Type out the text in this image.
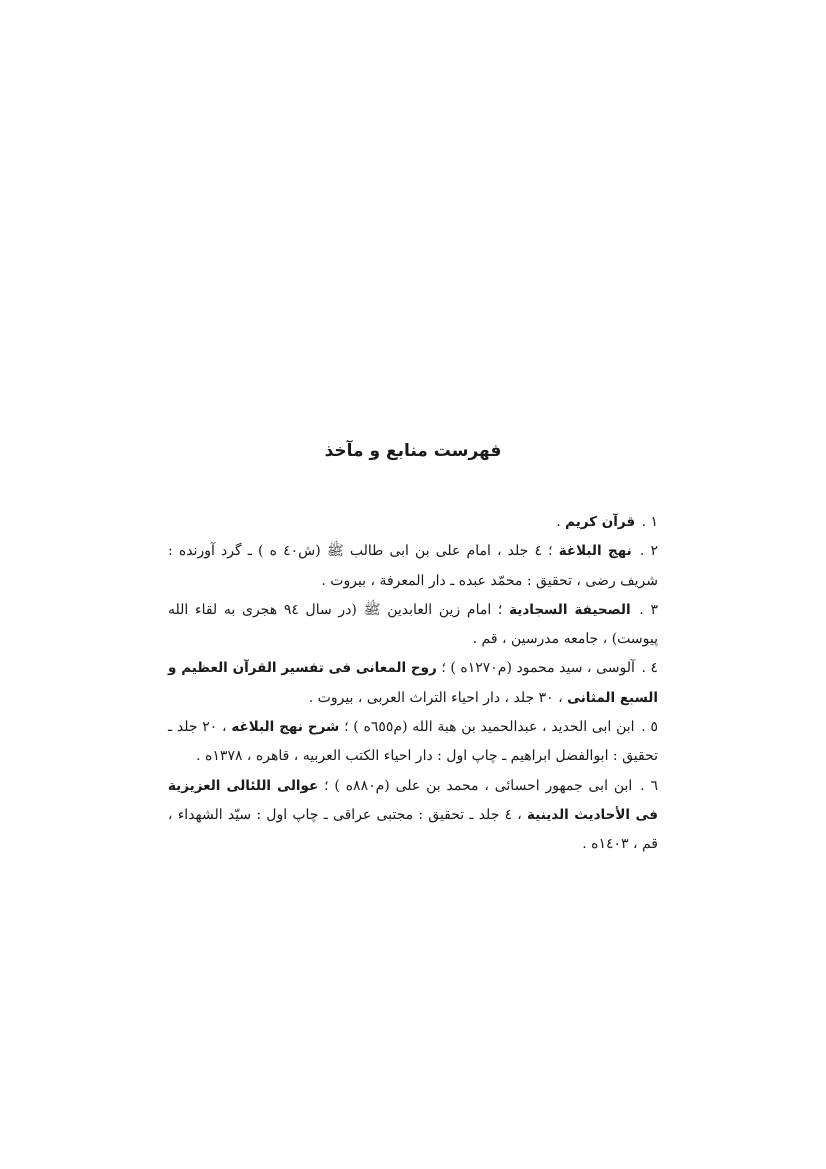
فهرست منابع و مآخذ
١ . قرآن کریم .
٢ . نهج البلاغة ؛ ٤ جلد ، امام علی بن ابی طالب ﷺ (ش٤٠ ه ) ـ گرد آورنده : شریف رضی ، تحقیق : محمّد عبده ـ دار المعرفة ، بیروت .
٣ . الصحیفة السجادیة ؛ امام زین العابدین ﷺ (در سال ٩٤ هجری به لقاء الله پیوست) ، جامعه مدرسین ، قم .
٤ . آلوسی ، سید محمود (م١٢٧٠ه ) ؛ روح المعانی فی تفسیر القرآن العظیم و السبع المثانی ، ٣٠ جلد ، دار احیاء التراث العربی ، بیروت .
٥ . ابن ابی الحدید ، عبدالحمید بن هبة الله (م٦٥٥ه ) ؛ شرح نهج البلاغه ، ٢٠ جلد ـ تحقیق : ابوالفضل ابراهیم ـ چاپ اول : دار احیاء الکتب العربیه ، قاهره ، ١٣٧٨ه .
٦ . ابن ابی جمهور احسائی ، محمد بن علی (م٨٨٠ه ) ؛ عوالی اللئالی العزیزیة فی الأحادیث الدینیة ، ٤ جلد ـ تحقیق : مجتبی عراقی ـ چاپ اول : سیّد الشهداء ، قم ، ١٤٠٣ه .
